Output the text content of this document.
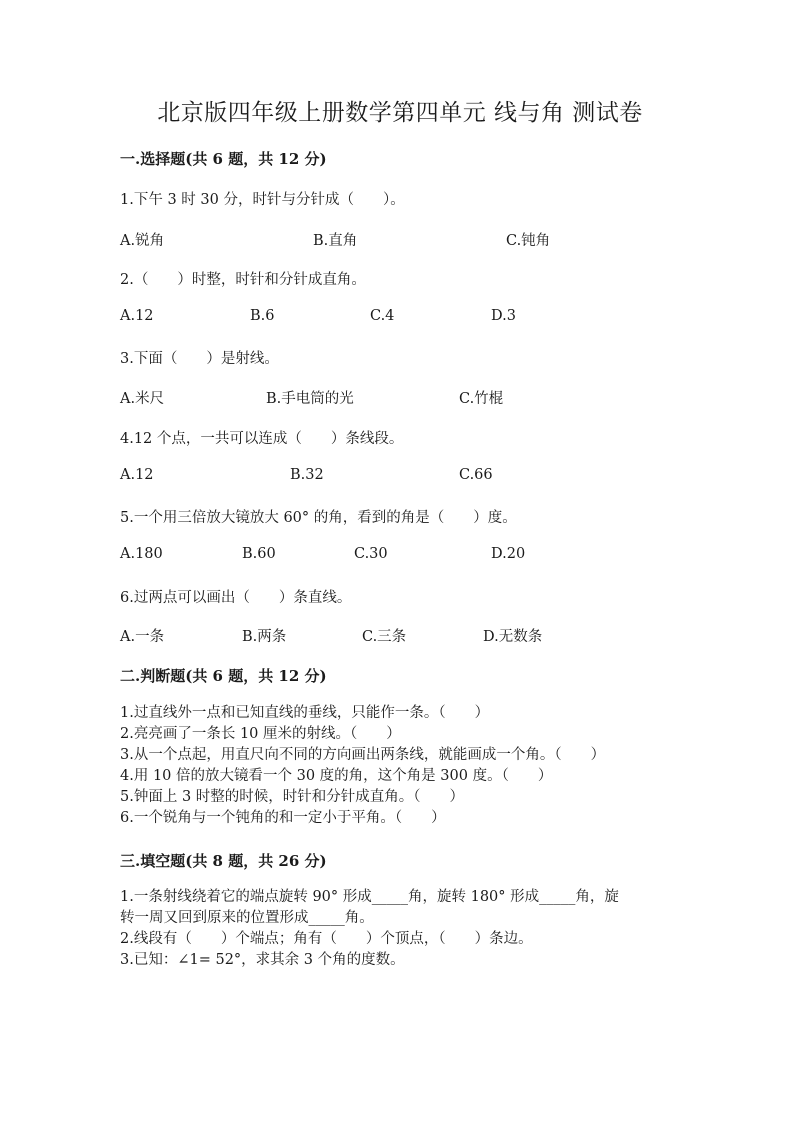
北京版四年级上册数学第四单元 线与角 测试卷
一.选择题(共 6 题，共 12 分)
1.下午 3 时 30 分，时针与分针成（　　）。
A.锐角	B.直角	C.钝角
2.（　　）时整，时针和分针成直角。
A.12	B.6	C.4	D.3
3.下面（　　）是射线。
A.米尺	B.手电筒的光	C.竹棍
4.12 个点，一共可以连成（　　）条线段。
A.12	B.32	C.66
5.一个用三倍放大镜放大 60° 的角，看到的角是（　　）度。
A.180	B.60	C.30	D.20
6.过两点可以画出（　　）条直线。
A.一条	B.两条	C.三条	D.无数条
二.判断题(共 6 题，共 12 分)
1.过直线外一点和已知直线的垂线，只能作一条。（　　）
2.亮亮画了一条长 10 厘米的射线。（　　）
3.从一个点起，用直尺向不同的方向画出两条线，就能画成一个角。（　　）
4.用 10 倍的放大镜看一个 30 度的角，这个角是 300 度。（　　）
5.钟面上 3 时整的时候，时针和分针成直角。（　　）
6.一个锐角与一个钝角的和一定小于平角。（　　）
三.填空题(共 8 题，共 26 分)
1.一条射线绕着它的端点旋转 90° 形成_____角，旋转 180° 形成_____角，旋
转一周又回到原来的位置形成_____角。
2.线段有（　　）个端点；角有（　　）个顶点，（　　）条边。
3.已知：∠1= 52°，求其余 3 个角的度数。
